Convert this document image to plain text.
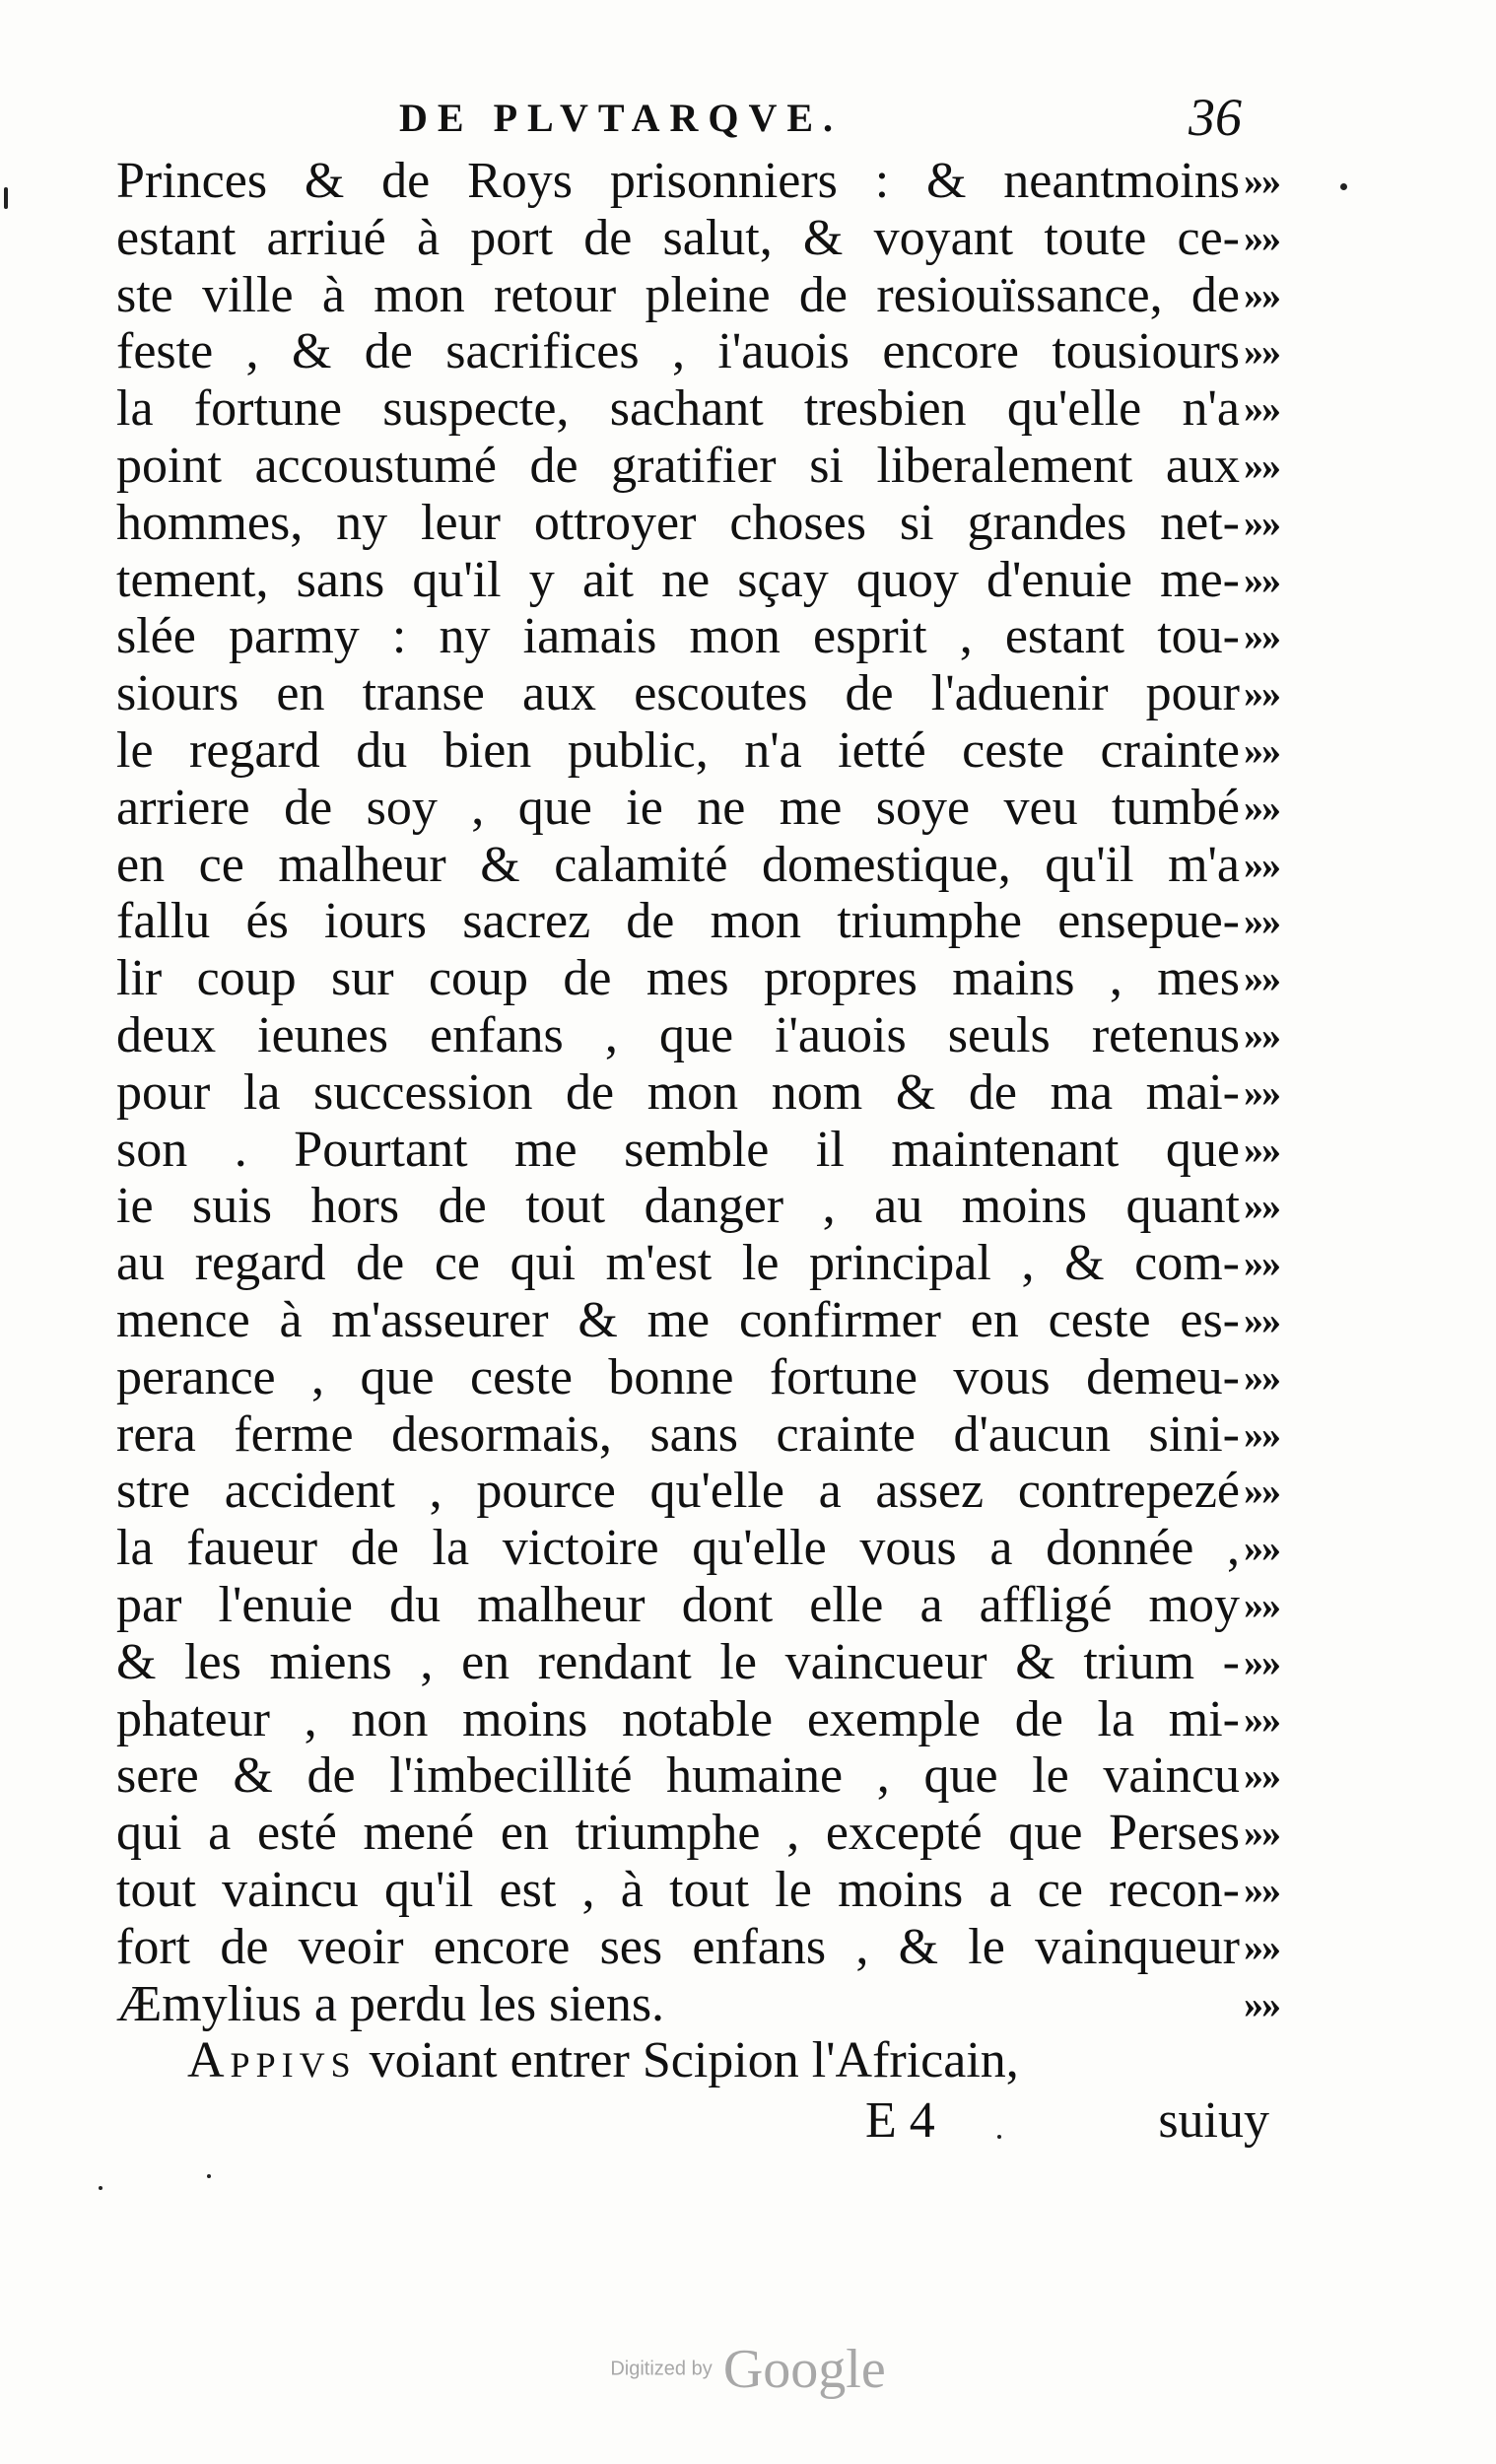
DE PLVTARQVE.	36
Princes & de Roys prisonniers : & neantmoins
estant arriué à port de salut, & voyant toute ce-
ste ville à mon retour pleine de resiouïssance, de
feste , & de sacrifices , i'auois encore tousiours
la fortune suspecte, sachant tresbien qu'elle n'a
point accoustumé de gratifier si liberalement aux
hommes, ny leur ottroyer choses si grandes net-
tement, sans qu'il y ait ne sçay quoy d'enuie me-
slée parmy : ny iamais mon esprit , estant tou-
siours en transe aux escoutes de l'aduenir pour
le regard du bien public, n'a ietté ceste crainte
arriere de soy , que ie ne me soye veu tumbé
en ce malheur & calamité domestique, qu'il m'a
fallu és iours sacrez de mon triumphe ensepue-
lir coup sur coup de mes propres mains , mes
deux ieunes enfans , que i'auois seuls retenus
pour la succession de mon nom & de ma mai-
son . Pourtant me semble il maintenant que
ie suis hors de tout danger , au moins quant
au regard de ce qui m'est le principal , & com-
mence à m'asseurer & me confirmer en ceste es-
perance , que ceste bonne fortune vous demeu-
rera ferme desormais, sans crainte d'aucun sini-
stre accident , pource qu'elle a assez contrepezé
la faueur de la victoire qu'elle vous a donnée ,
par l'enuie du malheur dont elle a affligé moy
& les miens , en rendant le vaincueur & trium -
phateur , non moins notable exemple de la mi-
sere & de l'imbecillité humaine , que le vaincu
qui a esté mené en triumphe , excepté que Perses
tout vaincu qu'il est , à tout le moins a ce recon-
fort de veoir encore ses enfans , & le vainqueur
Æmylius a perdu les siens.
»»
»»
»»
»»
»»
»»
»»
»»
»»
»»
»»
»»
»»
»»
»»
»»
»»
»»
»»
»»
»»
»»
»»
»»
»»
»»
»»
»»
»»
»»
»»
»»
»»
Appivs voiant entrer Scipion l'Africain,
E 4	suiuy
Digitized by Google
